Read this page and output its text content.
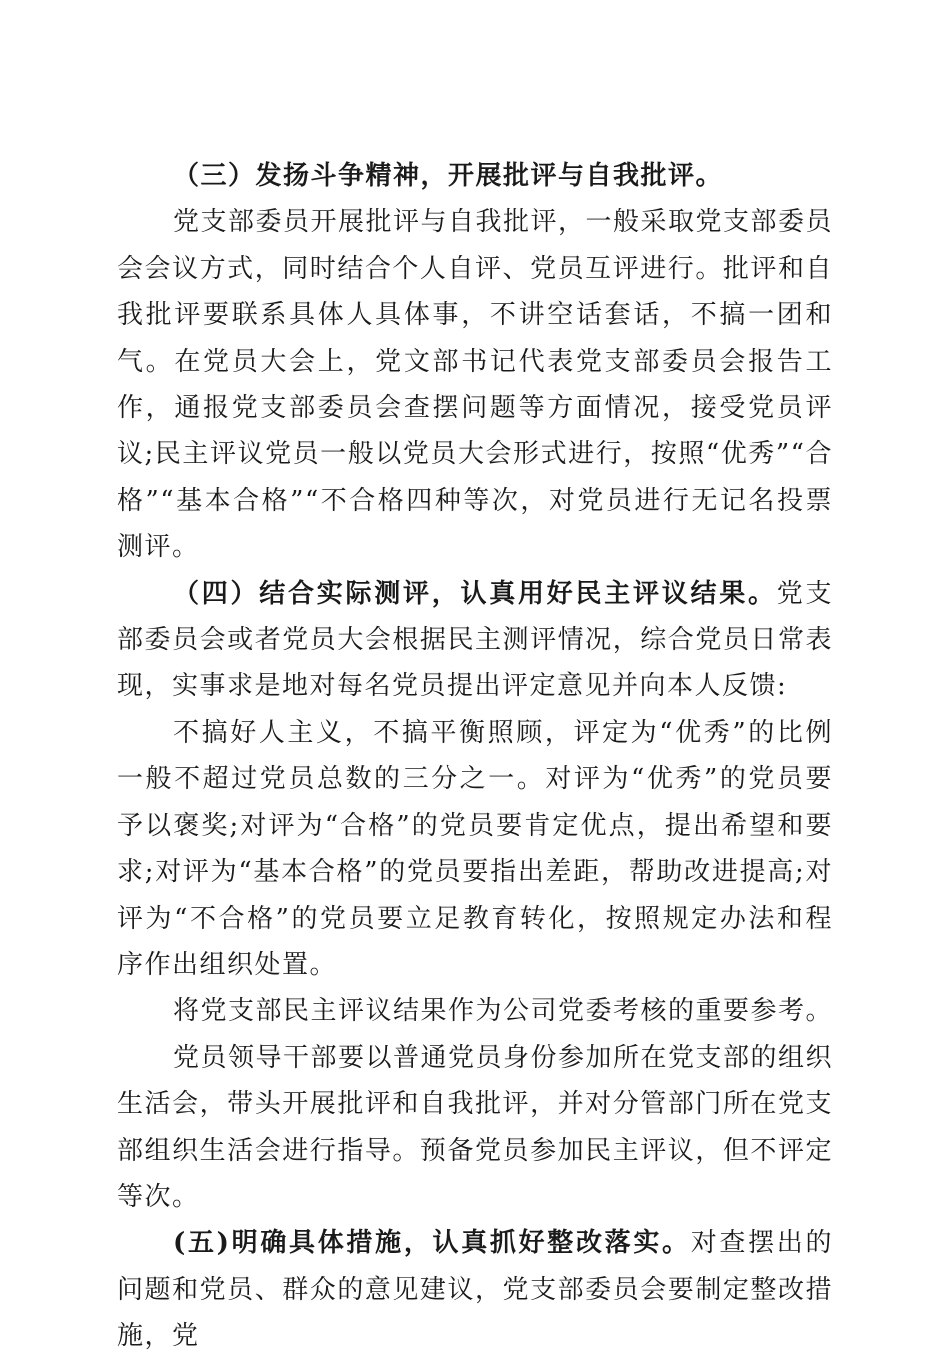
（三）发扬斗争精神，开展批评与自我批评。

党支部委员开展批评与自我批评，一般采取党支部委员会会议方式，同时结合个人自评、党员互评进行。批评和自我批评要联系具体人具体事，不讲空话套话，不搞一团和气。在党员大会上，党文部书记代表党支部委员会报告工作，通报党支部委员会查摆问题等方面情况，接受党员评议;民主评议党员一般以党员大会形式进行，按照“优秀”“合格”“基本合格”“不合格四种等次，对党员进行无记名投票测评。

（四）结合实际测评，认真用好民主评议结果。党支部委员会或者党员大会根据民主测评情况，综合党员日常表现，实事求是地对每名党员提出评定意见并向本人反馈:

不搞好人主义，不搞平衡照顾，评定为“优秀”的比例一般不超过党员总数的三分之一。对评为“优秀”的党员要予以褒奖;对评为“合格”的党员要肯定优点，提出希望和要求;对评为“基本合格”的党员要指出差距，帮助改进提高;对评为“不合格”的党员要立足教育转化，按照规定办法和程序作出组织处置。

将党支部民主评议结果作为公司党委考核的重要参考。

党员领导干部要以普通党员身份参加所在党支部的组织生活会，带头开展批评和自我批评，并对分管部门所在党支部组织生活会进行指导。预备党员参加民主评议，但不评定等次。

(五)明确具体措施，认真抓好整改落实。对查摆出的问题和党员、群众的意见建议，党支部委员会要制定整改措施，党
